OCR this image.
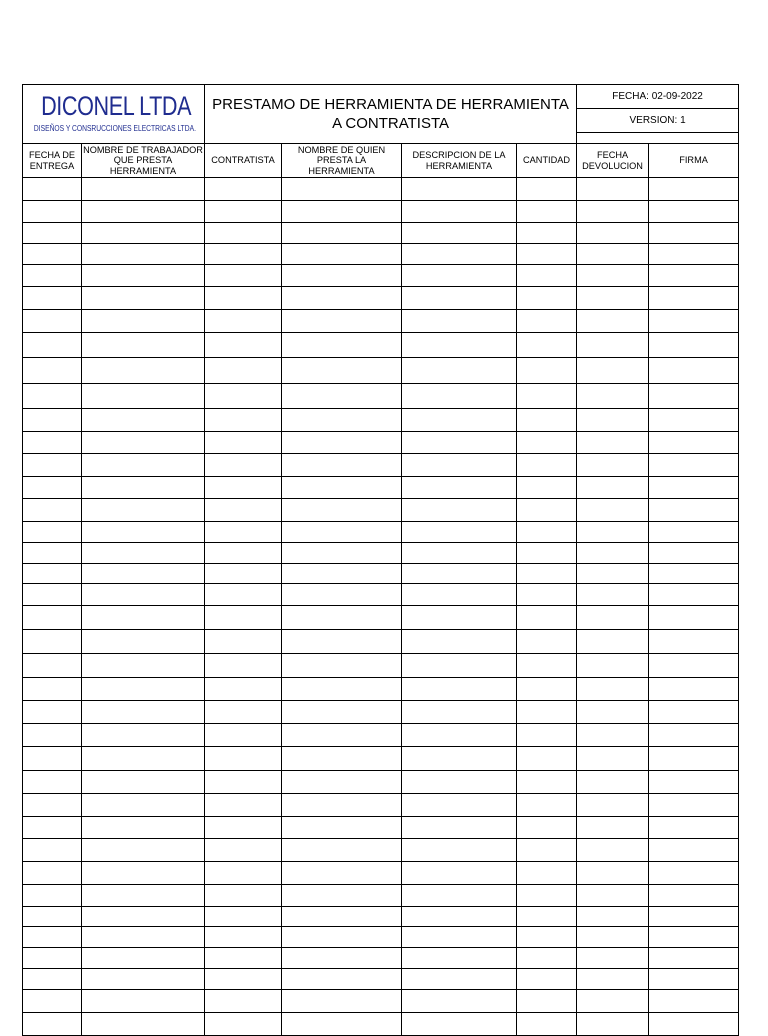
DICONEL LTDA
DISEÑOS Y CONSRUCCIONES ELECTRICAS LTDA.		PRESTAMO DE HERRAMIENTA DE HERRAMIENTA A CONTRATISTA				FECHA: 02-09-2022	
						VERSION: 1	

FECHA DE ENTREGA	NOMBRE DE TRABAJADOR QUE PRESTA HERRAMIENTA	CONTRATISTA	NOMBRE DE QUIEN PRESTA LA HERRAMIENTA	DESCRIPCION DE LA HERRAMIENTA	CANTIDAD	FECHA DEVOLUCION	FIRMA
